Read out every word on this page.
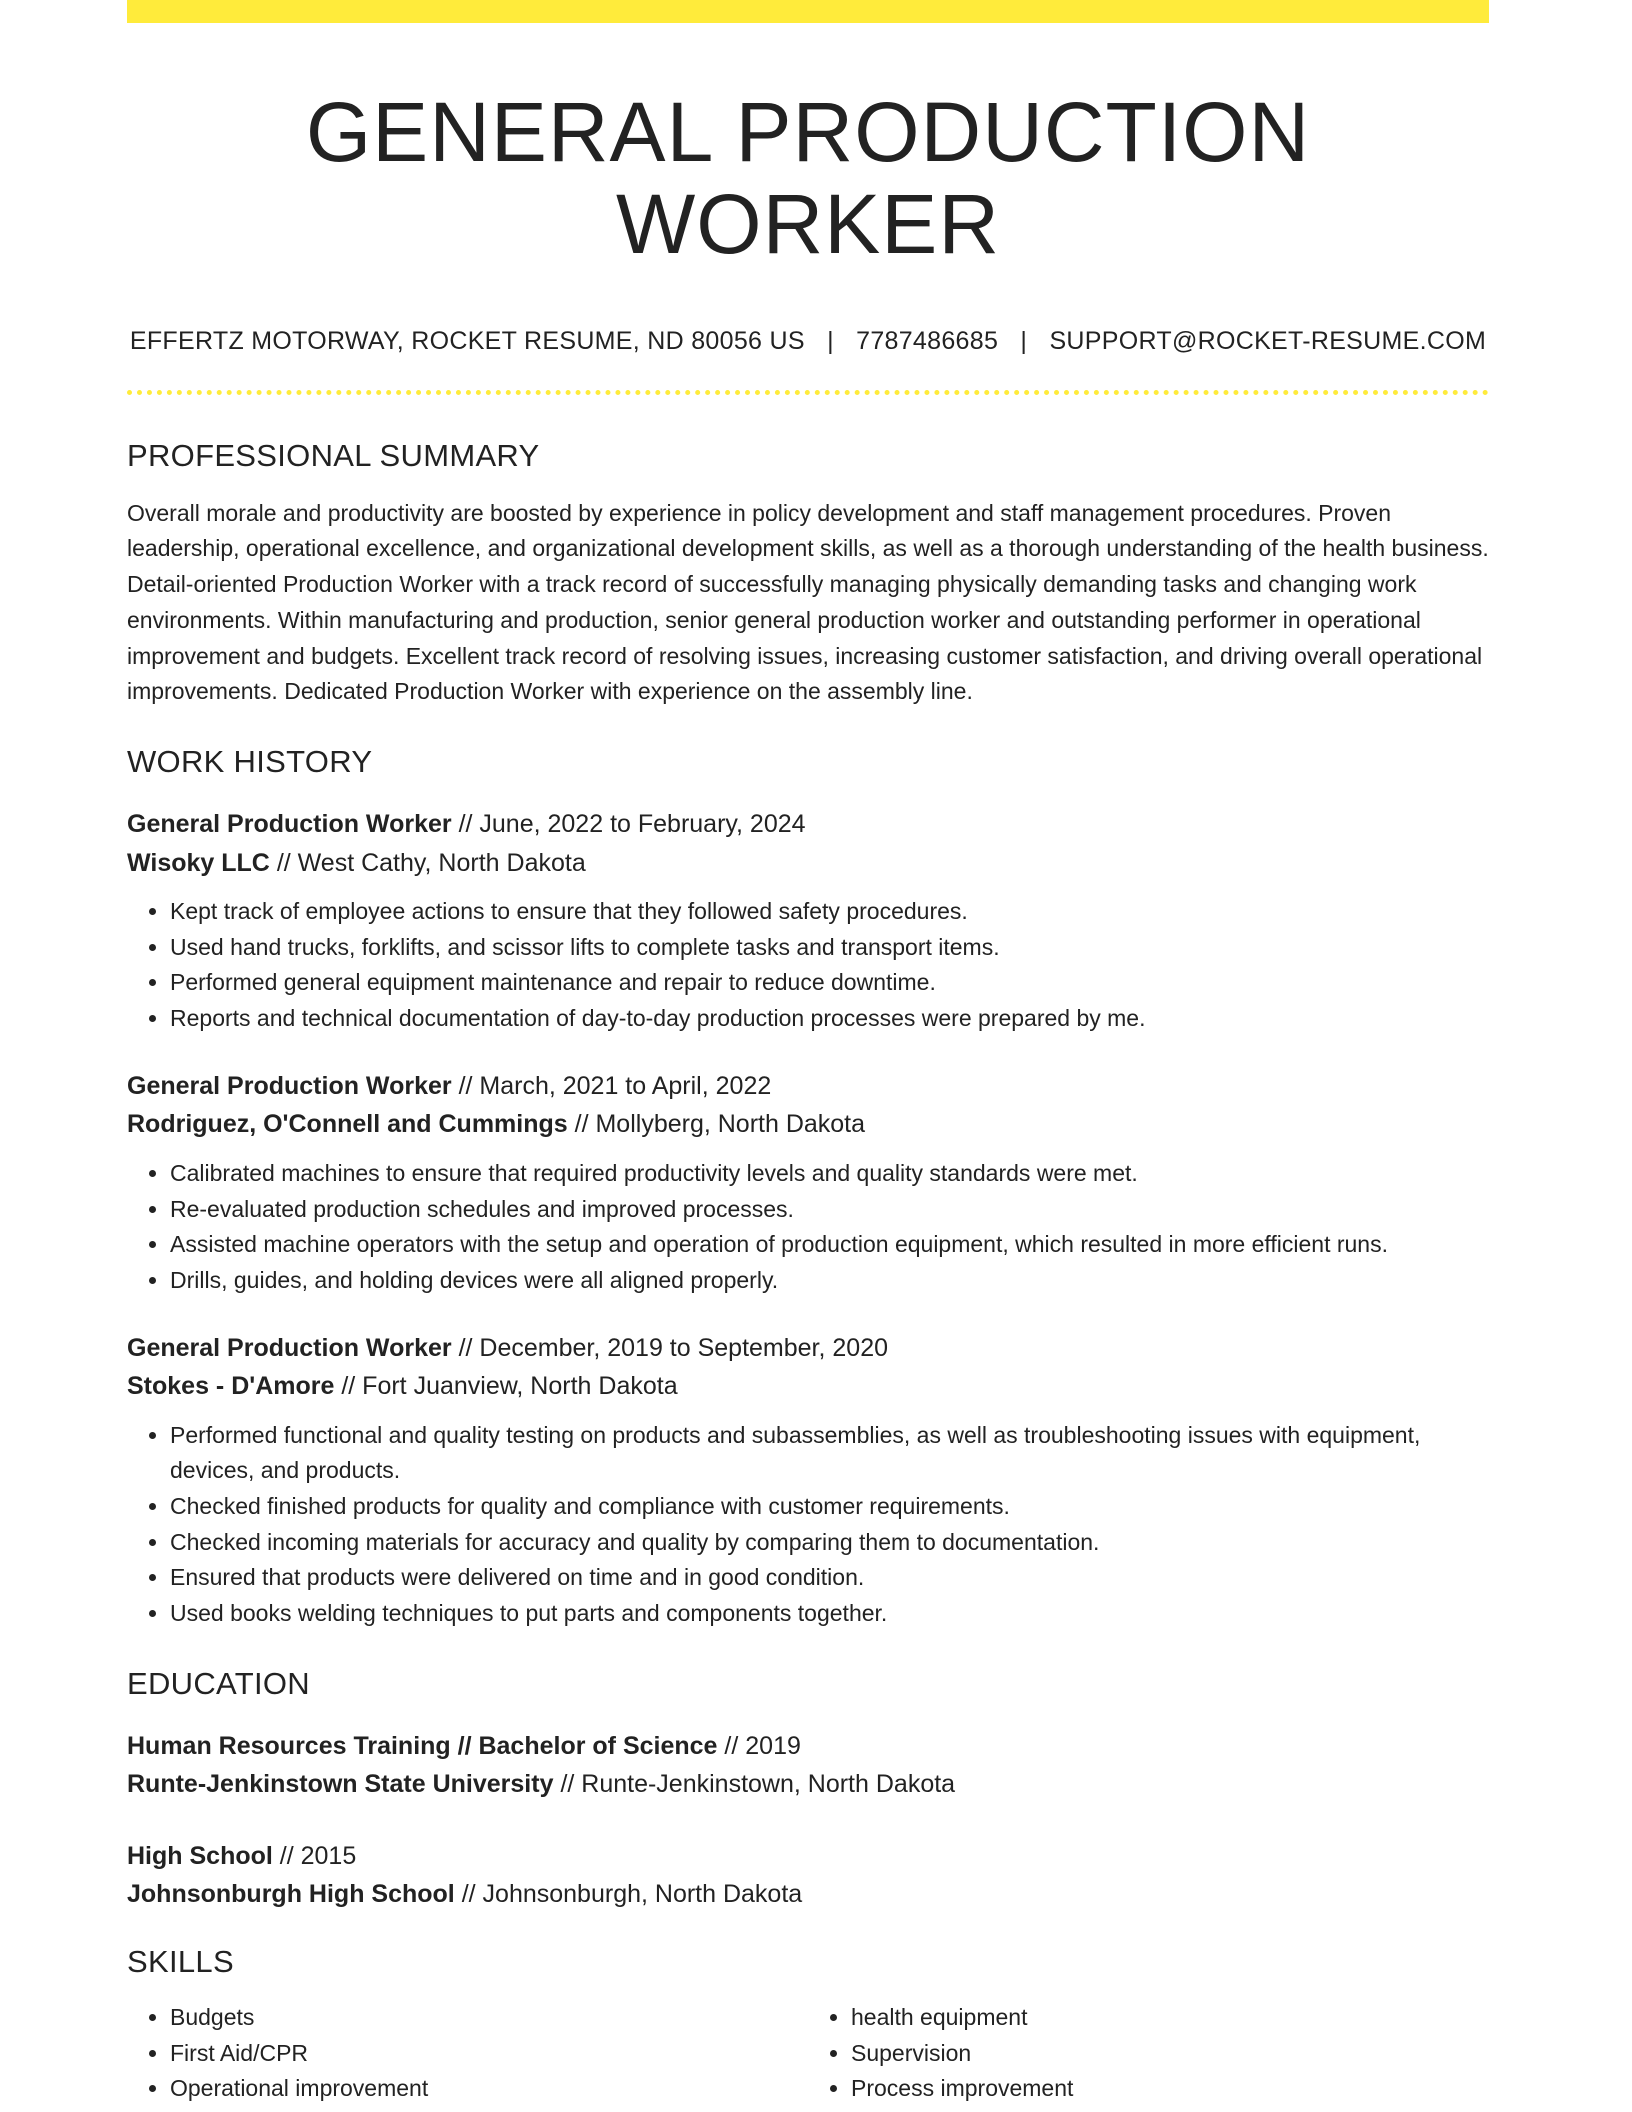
GENERAL PRODUCTION WORKER
EFFERTZ MOTORWAY, ROCKET RESUME, ND 80056 US | 7787486685 | SUPPORT@ROCKET-RESUME.COM
PROFESSIONAL SUMMARY

Overall morale and productivity are boosted by experience in policy development and staff management procedures. Proven leadership, operational excellence, and organizational development skills, as well as a thorough understanding of the health business. Detail-oriented Production Worker with a track record of successfully managing physically demanding tasks and changing work environments. Within manufacturing and production, senior general production worker and outstanding performer in operational improvement and budgets. Excellent track record of resolving issues, increasing customer satisfaction, and driving overall operational improvements. Dedicated Production Worker with experience on the assembly line.

WORK HISTORY
General Production Worker // June, 2022 to February, 2024
Wisoky LLC // West Cathy, North Dakota
• Kept track of employee actions to ensure that they followed safety procedures.
• Used hand trucks, forklifts, and scissor lifts to complete tasks and transport items.
• Performed general equipment maintenance and repair to reduce downtime.
• Reports and technical documentation of day-to-day production processes were prepared by me.
General Production Worker // March, 2021 to April, 2022
Rodriguez, O'Connell and Cummings // Mollyberg, North Dakota
• Calibrated machines to ensure that required productivity levels and quality standards were met.
• Re-evaluated production schedules and improved processes.
• Assisted machine operators with the setup and operation of production equipment, which resulted in more efficient runs.
• Drills, guides, and holding devices were all aligned properly.
General Production Worker // December, 2019 to September, 2020
Stokes - D'Amore // Fort Juanview, North Dakota
• Performed functional and quality testing on products and subassemblies, as well as troubleshooting issues with equipment, devices, and products.
• Checked finished products for quality and compliance with customer requirements.
• Checked incoming materials for accuracy and quality by comparing them to documentation.
• Ensured that products were delivered on time and in good condition.
• Used books welding techniques to put parts and components together.
EDUCATION
Human Resources Training // Bachelor of Science // 2019
Runte-Jenkinstown State University // Runte-Jenkinstown, North Dakota
High School // 2015
Johnsonburgh High School // Johnsonburgh, North Dakota
SKILLS
• Budgets
• First Aid/CPR
• Operational improvement
• health equipment
• Supervision
• Process improvement
